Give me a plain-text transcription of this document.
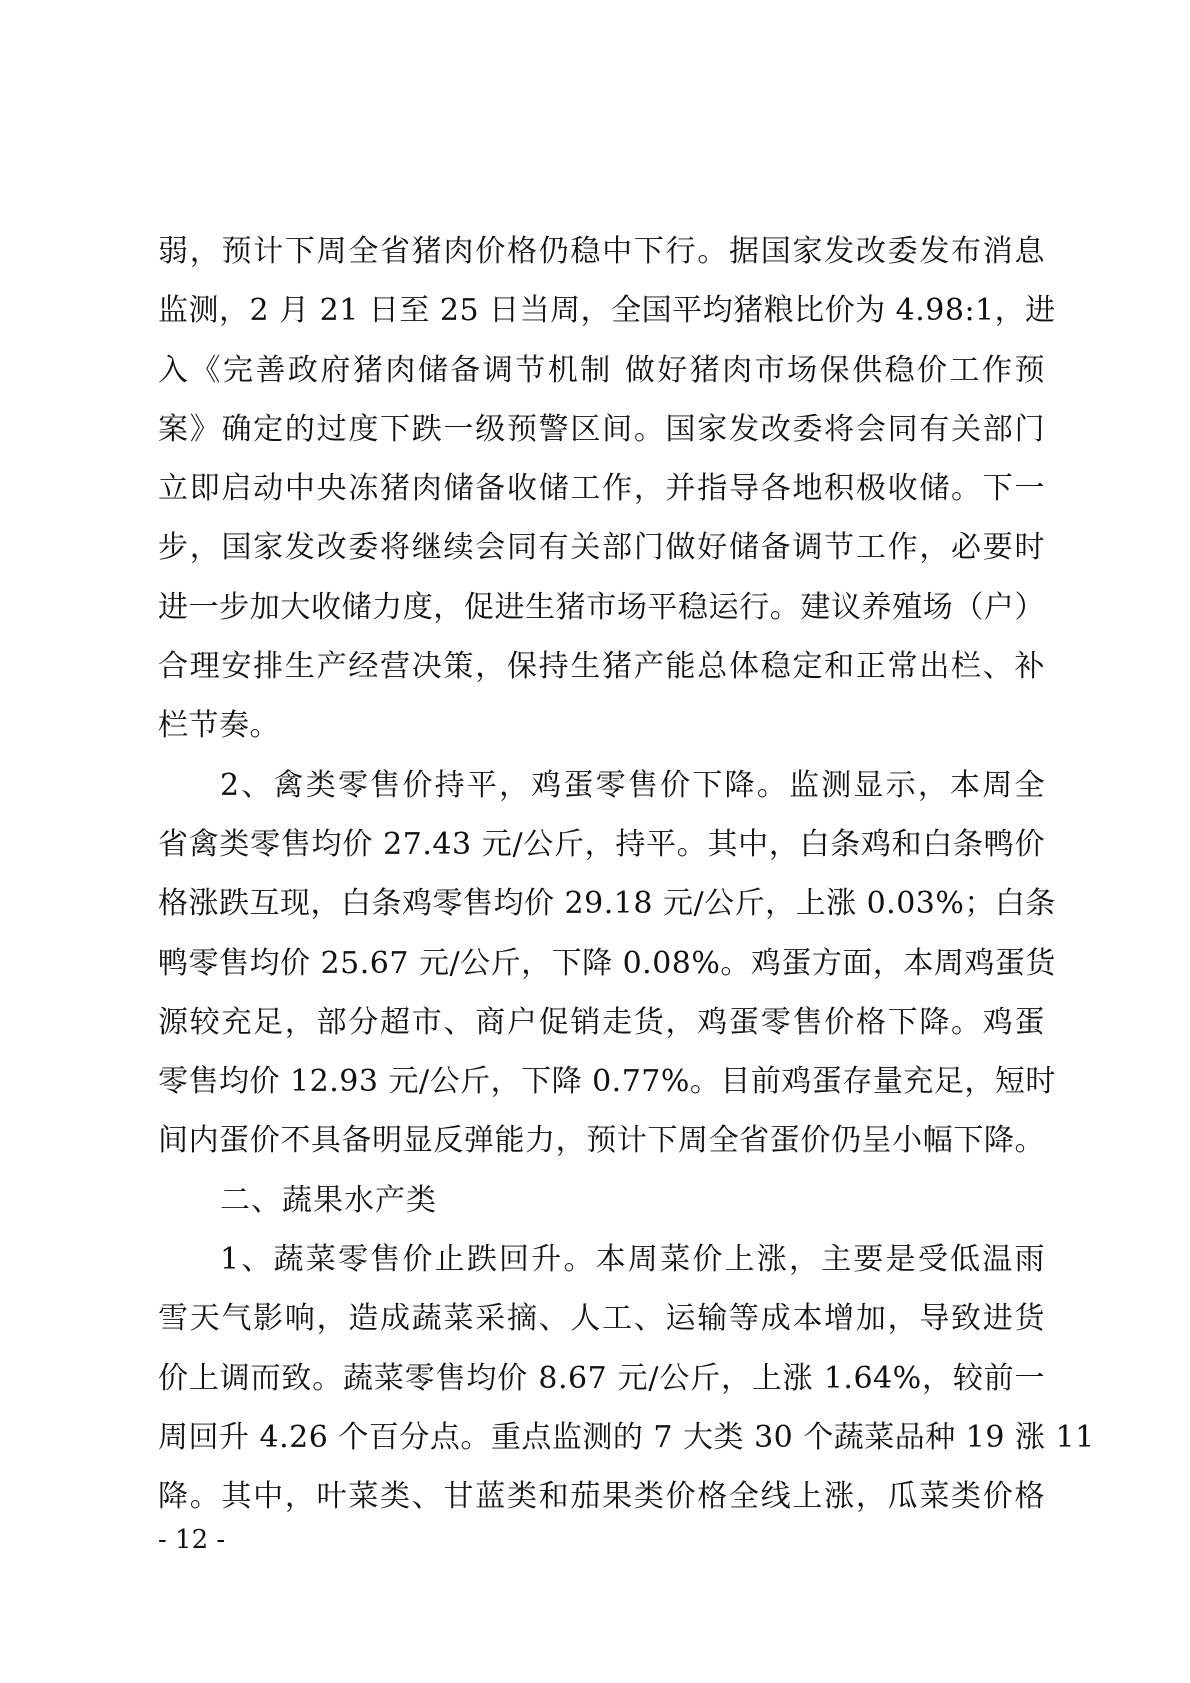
弱，预计下周全省猪肉价格仍稳中下行。据国家发改委发布消息
监测，2 月 21 日至 25 日当周，全国平均猪粮比价为 4.98:1，进
入《完善政府猪肉储备调节机制 做好猪肉市场保供稳价工作预
案》确定的过度下跌一级预警区间。国家发改委将会同有关部门
立即启动中央冻猪肉储备收储工作，并指导各地积极收储。下一
步，国家发改委将继续会同有关部门做好储备调节工作，必要时
进一步加大收储力度，促进生猪市场平稳运行。建议养殖场（户）
合理安排生产经营决策，保持生猪产能总体稳定和正常出栏、补
栏节奏。
2、禽类零售价持平，鸡蛋零售价下降。监测显示，本周全
省禽类零售均价 27.43 元/公斤，持平。其中，白条鸡和白条鸭价
格涨跌互现，白条鸡零售均价 29.18 元/公斤，上涨 0.03%；白条
鸭零售均价 25.67 元/公斤，下降 0.08%。鸡蛋方面，本周鸡蛋货
源较充足，部分超市、商户促销走货，鸡蛋零售价格下降。鸡蛋
零售均价 12.93 元/公斤，下降 0.77%。目前鸡蛋存量充足，短时
间内蛋价不具备明显反弹能力，预计下周全省蛋价仍呈小幅下降。
二、蔬果水产类
1、蔬菜零售价止跌回升。本周菜价上涨，主要是受低温雨
雪天气影响，造成蔬菜采摘、人工、运输等成本增加，导致进货
价上调而致。蔬菜零售均价 8.67 元/公斤，上涨 1.64%，较前一
周回升 4.26 个百分点。重点监测的 7 大类 30 个蔬菜品种 19 涨 11
降。其中，叶菜类、甘蓝类和茄果类价格全线上涨，瓜菜类价格
- 12 -
